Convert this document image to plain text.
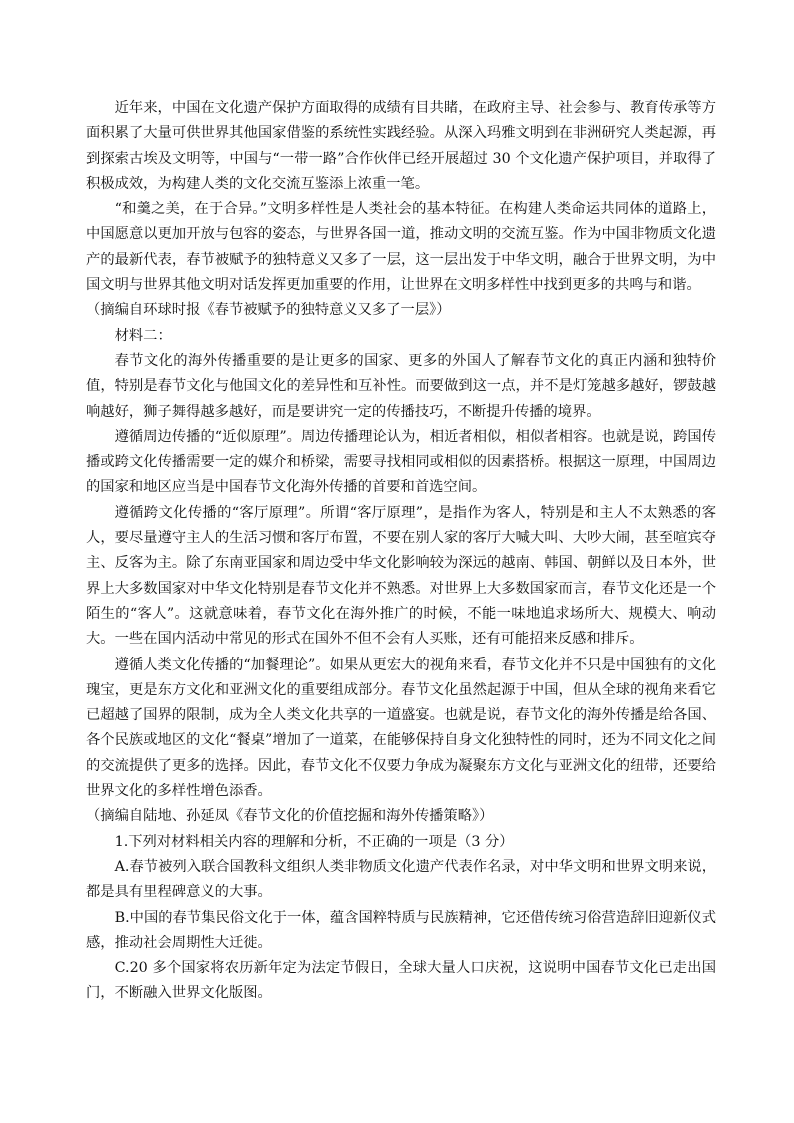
近年来，中国在文化遗产保护方面取得的成绩有目共睹，在政府主导、社会参与、教育传承等方面积累了大量可供世界其他国家借鉴的系统性实践经验。从深入玛雅文明到在非洲研究人类起源，再到探索古埃及文明等，中国与“一带一路”合作伙伴已经开展超过 30 个文化遗产保护项目，并取得了积极成效，为构建人类的文化交流互鉴添上浓重一笔。

“和羹之美，在于合异。”文明多样性是人类社会的基本特征。在构建人类命运共同体的道路上，中国愿意以更加开放与包容的姿态，与世界各国一道，推动文明的交流互鉴。作为中国非物质文化遗产的最新代表，春节被赋予的独特意义又多了一层，这一层出发于中华文明，融合于世界文明，为中国文明与世界其他文明对话发挥更加重要的作用，让世界在文明多样性中找到更多的共鸣与和谐。

（摘编自环球时报《春节被赋予的独特意义又多了一层》）

材料二：

春节文化的海外传播重要的是让更多的国家、更多的外国人了解春节文化的真正内涵和独特价值，特别是春节文化与他国文化的差异性和互补性。而要做到这一点，并不是灯笼越多越好，锣鼓越响越好，狮子舞得越多越好，而是要讲究一定的传播技巧，不断提升传播的境界。

遵循周边传播的“近似原理”。周边传播理论认为，相近者相似，相似者相容。也就是说，跨国传播或跨文化传播需要一定的媒介和桥梁，需要寻找相同或相似的因素搭桥。根据这一原理，中国周边的国家和地区应当是中国春节文化海外传播的首要和首选空间。

遵循跨文化传播的“客厅原理”。所谓“客厅原理”，是指作为客人，特别是和主人不太熟悉的客人，要尽量遵守主人的生活习惯和客厅布置，不要在别人家的客厅大喊大叫、大吵大闹，甚至喧宾夺主、反客为主。除了东南亚国家和周边受中华文化影响较为深远的越南、韩国、朝鲜以及日本外，世界上大多数国家对中华文化特别是春节文化并不熟悉。对世界上大多数国家而言，春节文化还是一个陌生的“客人”。这就意味着，春节文化在海外推广的时候，不能一味地追求场所大、规模大、响动大。一些在国内活动中常见的形式在国外不但不会有人买账，还有可能招来反感和排斥。

遵循人类文化传播的“加餐理论”。如果从更宏大的视角来看，春节文化并不只是中国独有的文化瑰宝，更是东方文化和亚洲文化的重要组成部分。春节文化虽然起源于中国，但从全球的视角来看它已超越了国界的限制，成为全人类文化共享的一道盛宴。也就是说，春节文化的海外传播是给各国、各个民族或地区的文化“餐桌”增加了一道菜，在能够保持自身文化独特性的同时，还为不同文化之间的交流提供了更多的选择。因此，春节文化不仅要力争成为凝聚东方文化与亚洲文化的纽带，还要给世界文化的多样性增色添香。

（摘编自陆地、孙延凤《春节文化的价值挖掘和海外传播策略》）

1.下列对材料相关内容的理解和分析，不正确的一项是（3 分）

A.春节被列入联合国教科文组织人类非物质文化遗产代表作名录，对中华文明和世界文明来说，都是具有里程碑意义的大事。

B.中国的春节集民俗文化于一体，蕴含国粹特质与民族精神，它还借传统习俗营造辞旧迎新仪式感，推动社会周期性大迁徙。

C.20 多个国家将农历新年定为法定节假日，全球大量人口庆祝，这说明中国春节文化已走出国门，不断融入世界文化版图。
